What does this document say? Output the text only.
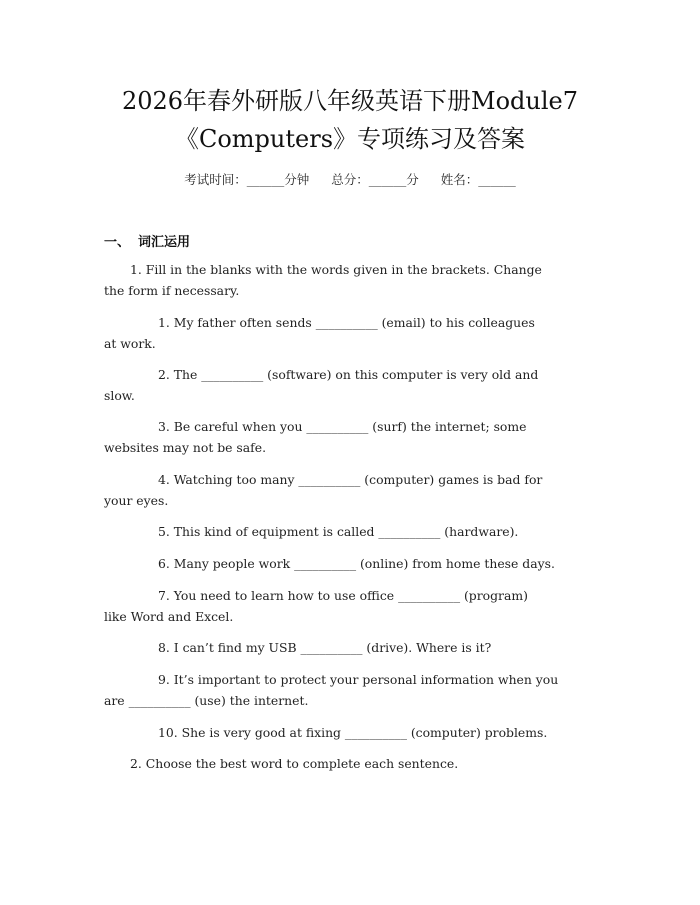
2026年春外研版八年级英语下册Module7
《Computers》专项练习及答案
考试时间：______分钟 总分：______分 姓名：______
一、 词汇运用
1. Fill in the blanks with the words given in the brackets. Change
the form if necessary.
1. My father often sends __________ (email) to his colleagues
at work.
2. The __________ (software) on this computer is very old and
slow.
3. Be careful when you __________ (surf) the internet; some
websites may not be safe.
4. Watching too many __________ (computer) games is bad for
your eyes.
5. This kind of equipment is called __________ (hardware).
6. Many people work __________ (online) from home these days.
7. You need to learn how to use office __________ (program)
like Word and Excel.
8. I can’t find my USB __________ (drive). Where is it?
9. It’s important to protect your personal information when you
are __________ (use) the internet.
10. She is very good at fixing __________ (computer) problems.
2. Choose the best word to complete each sentence.
